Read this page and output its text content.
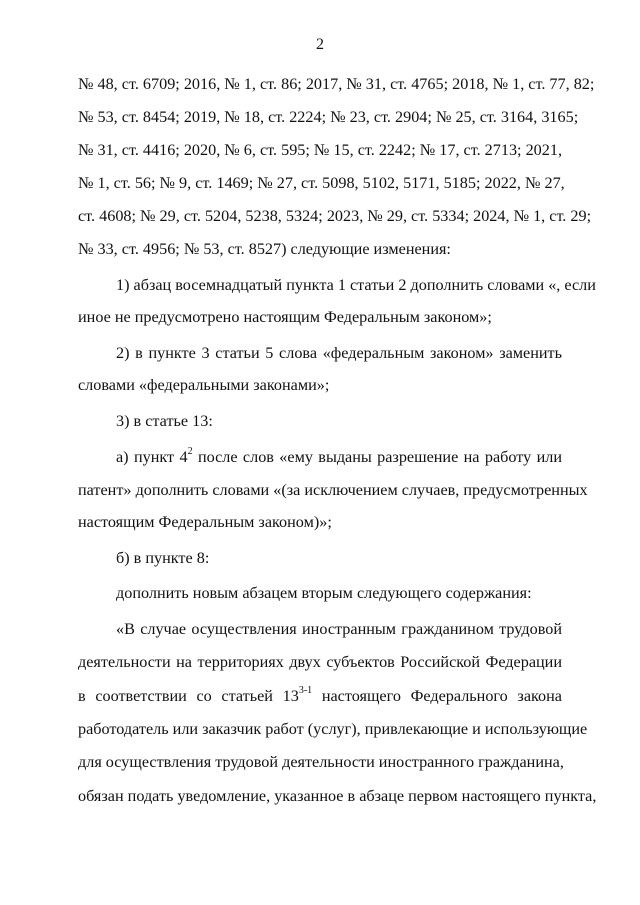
2
№ 48, ст. 6709; 2016, № 1, ст. 86; 2017, № 31, ст. 4765; 2018, № 1, ст. 77, 82;
№ 53, ст. 8454; 2019, № 18, ст. 2224; № 23, ст. 2904; № 25, ст. 3164, 3165;
№ 31, ст. 4416; 2020, № 6, ст. 595; № 15, ст. 2242; № 17, ст. 2713; 2021,
№ 1, ст. 56; № 9, ст. 1469; № 27, ст. 5098, 5102, 5171, 5185; 2022, № 27,
ст. 4608; № 29, ст. 5204, 5238, 5324; 2023, № 29, ст. 5334; 2024, № 1, ст. 29;
№ 33, ст. 4956; № 53, ст. 8527) следующие изменения:
1) абзац восемнадцатый пункта 1 статьи 2 дополнить словами «, если
иное не предусмотрено настоящим Федеральным законом»;
2) в пункте 3 статьи 5 слова «федеральным законом» заменить
словами «федеральными законами»;
3) в статье 13:
а) пункт $4^2$ после слов «ему выданы разрешение на работу или
патент» дополнить словами «(за исключением случаев, предусмотренных
настоящим Федеральным законом)»;
б) в пункте 8:
дополнить новым абзацем вторым следующего содержания:
«В случае осуществления иностранным гражданином трудовой
деятельности на территориях двух субъектов Российской Федерации
в соответствии со статьей 13$^{3-1}$ настоящего Федерального закона
работодатель или заказчик работ (услуг), привлекающие и использующие
для осуществления трудовой деятельности иностранного гражданина,
обязан подать уведомление, указанное в абзаце первом настоящего пункта,
